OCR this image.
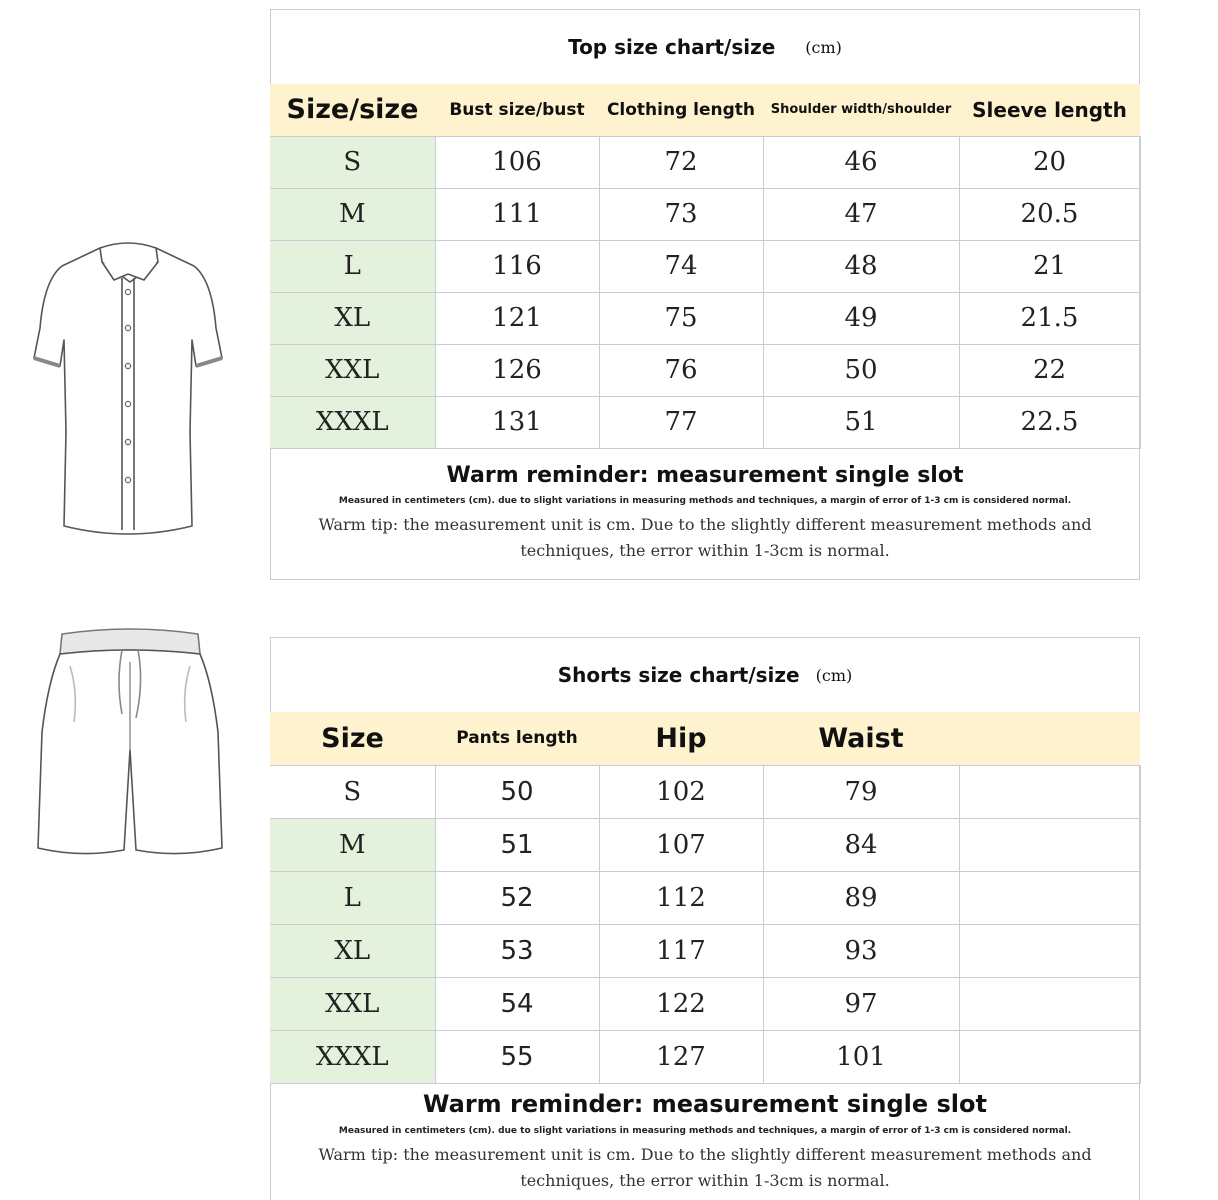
Top size chart/size (cm)
Size/size	Bust size/bust	Clothing length	Shoulder width/shoulder	Sleeve length
S	106	72	46	20
M	111	73	47	20.5
L	116	74	48	21
XL	121	75	49	21.5
XXL	126	76	50	22
XXXL	131	77	51	22.5
Warm reminder: measurement single slot
Measured in centimeters (cm). due to slight variations in measuring methods and techniques, a margin of error of 1-3 cm is considered normal.
Warm tip: the measurement unit is cm. Due to the slightly different measurement methods and techniques, the error within 1-3cm is normal.
Shorts size chart/size (cm)
Size	Pants length	Hip	Waist	
S	50	102	79	
M	51	107	84	
L	52	112	89	
XL	53	117	93	
XXL	54	122	97	
XXXL	55	127	101	
Warm reminder: measurement single slot
Measured in centimeters (cm). due to slight variations in measuring methods and techniques, a margin of error of 1-3 cm is considered normal.
Warm tip: the measurement unit is cm. Due to the slightly different measurement methods and techniques, the error within 1-3cm is normal.
